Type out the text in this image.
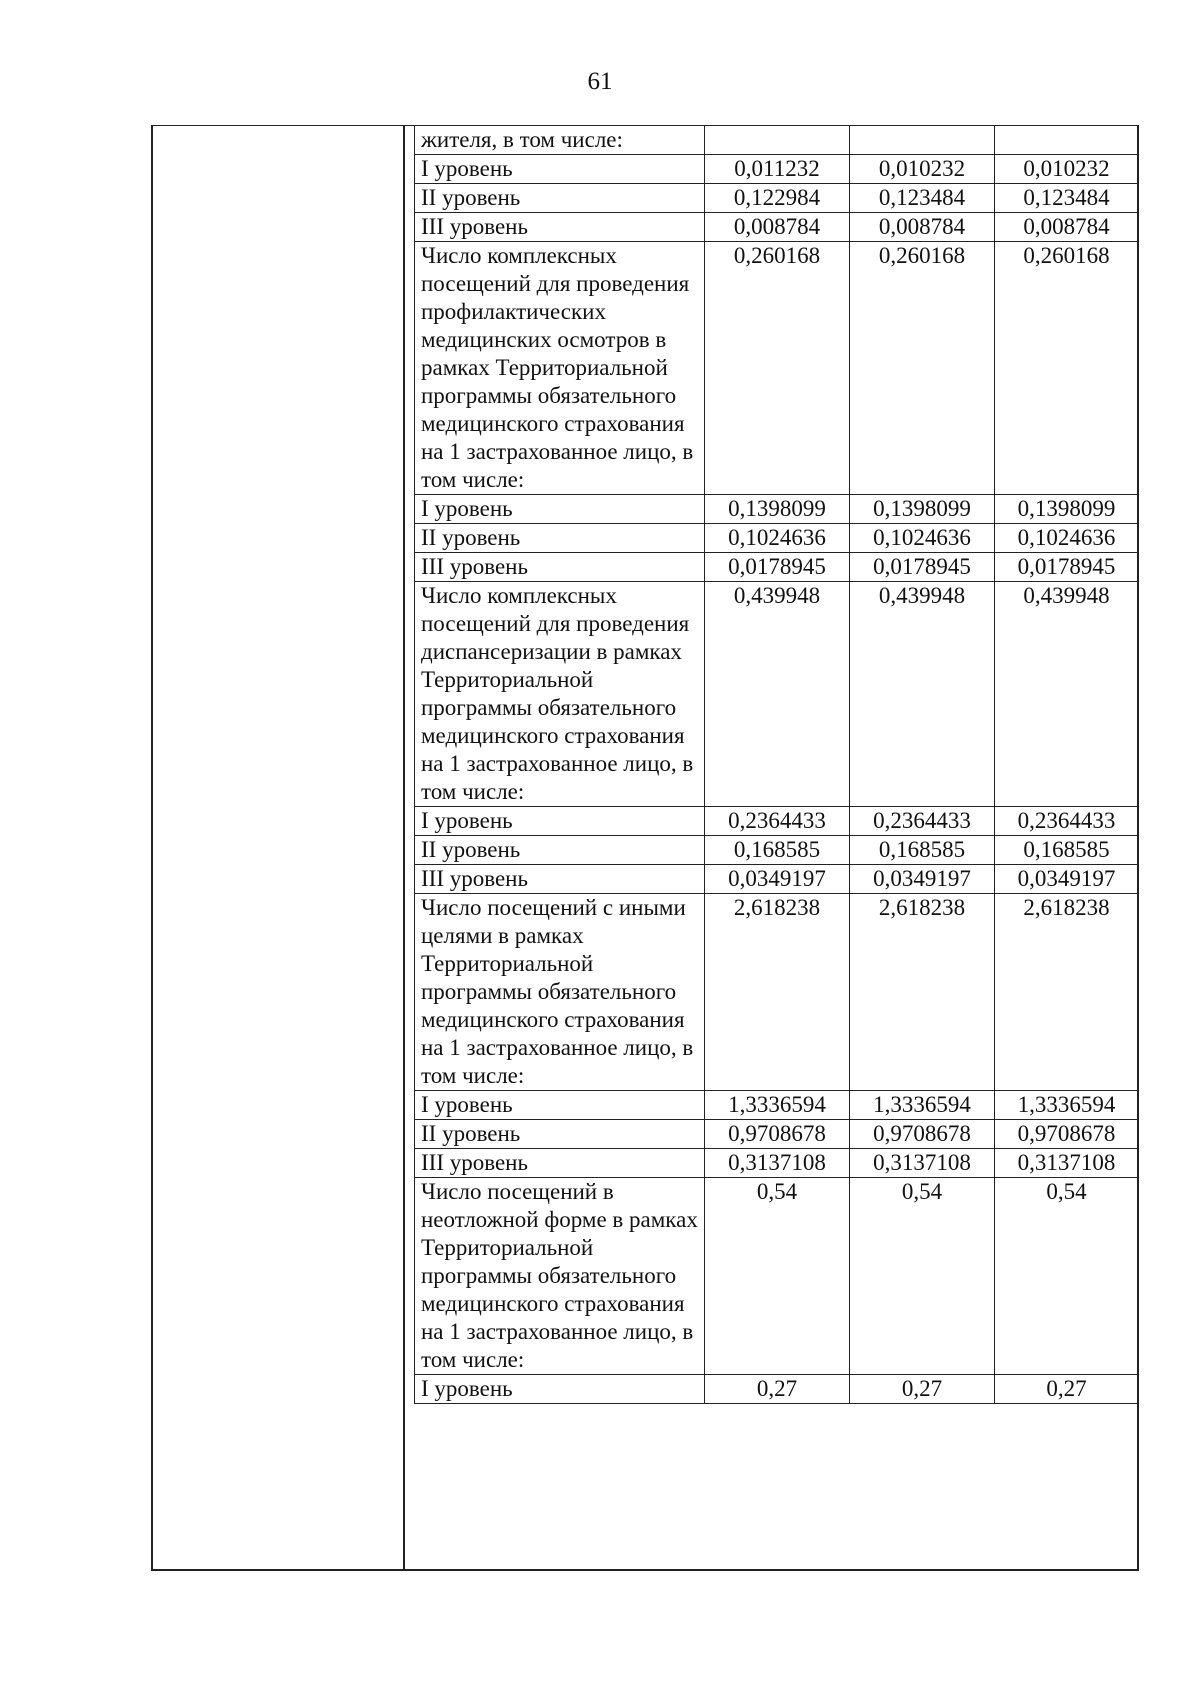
61
жителя, в том числе:			
I уровень	0,011232	0,010232	0,010232
II уровень	0,122984	0,123484	0,123484
III уровень	0,008784	0,008784	0,008784
Число комплексных посещений для проведения профилактических медицинских осмотров в рамках Территориальной программы обязательного медицинского страхования на 1 застрахованное лицо, в том числе:	0,260168	0,260168	0,260168
I уровень	0,1398099	0,1398099	0,1398099
II уровень	0,1024636	0,1024636	0,1024636
III уровень	0,0178945	0,0178945	0,0178945
Число комплексных посещений для проведения диспансеризации в рамках Территориальной программы обязательного медицинского страхования на 1 застрахованное лицо, в том числе:	0,439948	0,439948	0,439948
I уровень	0,2364433	0,2364433	0,2364433
II уровень	0,168585	0,168585	0,168585
III уровень	0,0349197	0,0349197	0,0349197
Число посещений с иными целями в рамках Территориальной программы обязательного медицинского страхования на 1 застрахованное лицо, в том числе:	2,618238	2,618238	2,618238
I уровень	1,3336594	1,3336594	1,3336594
II уровень	0,9708678	0,9708678	0,9708678
III уровень	0,3137108	0,3137108	0,3137108
Число посещений в неотложной форме в рамках Территориальной программы обязательного медицинского страхования на 1 застрахованное лицо, в том числе:	0,54	0,54	0,54
I уровень	0,27	0,27	0,27
